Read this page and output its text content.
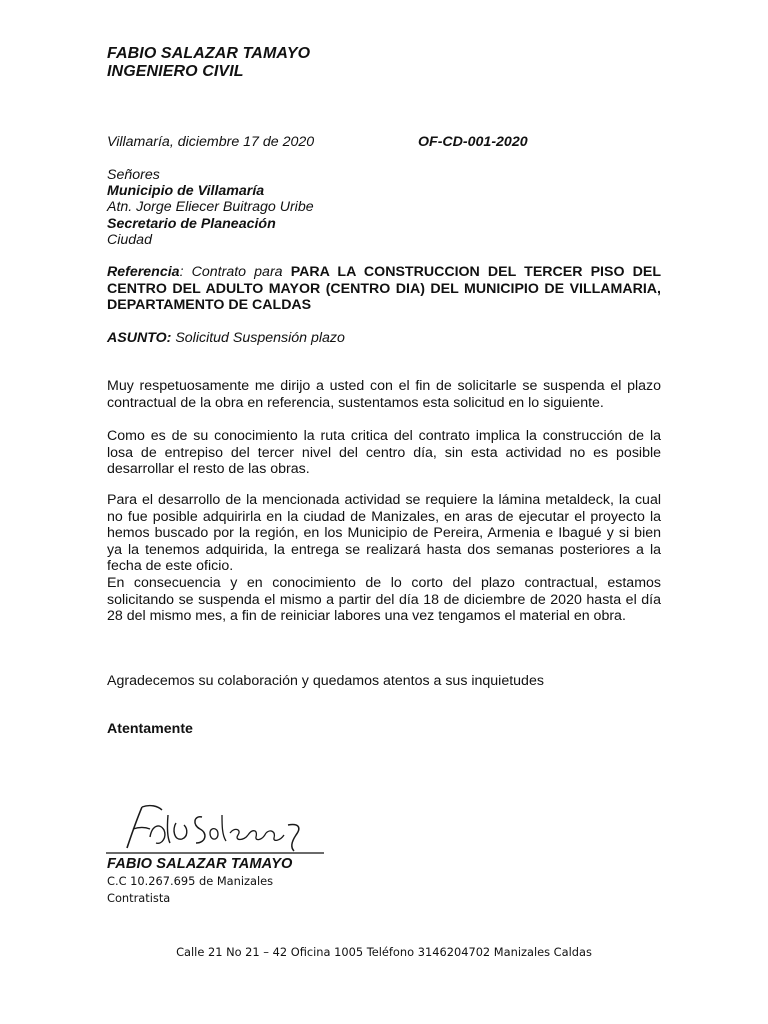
FABIO SALAZAR TAMAYO
INGENIERO CIVIL
Villamaría, diciembre 17 de 2020	OF-CD-001-2020
Señores
Municipio de Villamaría
Atn. Jorge Eliecer Buitrago Uribe
Secretario de Planeación
Ciudad
Referencia: Contrato para PARA LA CONSTRUCCION DEL TERCER PISO DEL CENTRO DEL ADULTO MAYOR (CENTRO DIA) DEL MUNICIPIO DE VILLAMARIA, DEPARTAMENTO DE CALDAS
ASUNTO: Solicitud Suspensión plazo
Muy respetuosamente me dirijo a usted con el fin de solicitarle se suspenda el plazo contractual de la obra en referencia, sustentamos esta solicitud en lo siguiente.
Como es de su conocimiento la ruta critica del contrato implica la construcción de la losa de entrepiso del tercer nivel del centro día, sin esta actividad no es posible desarrollar el resto de las obras.
Para el desarrollo de la mencionada actividad se requiere la lámina metaldeck, la cual no fue posible adquirirla en la ciudad de Manizales, en aras de ejecutar el proyecto la hemos buscado por la región, en los Municipio de Pereira, Armenia e Ibagué y si bien ya la tenemos adquirida, la entrega se realizará hasta dos semanas posteriores a la fecha de este oficio.
En consecuencia y en conocimiento de lo corto del plazo contractual, estamos solicitando se suspenda el mismo a partir del día 18 de diciembre de 2020 hasta el día 28 del mismo mes, a fin de reiniciar labores una vez tengamos el material en obra.
Agradecemos su colaboración y quedamos atentos a sus inquietudes
Atentamente
FABIO SALAZAR TAMAYO
C.C 10.267.695 de Manizales
Contratista
Calle 21 No 21 – 42 Oficina 1005 Teléfono 3146204702 Manizales Caldas
